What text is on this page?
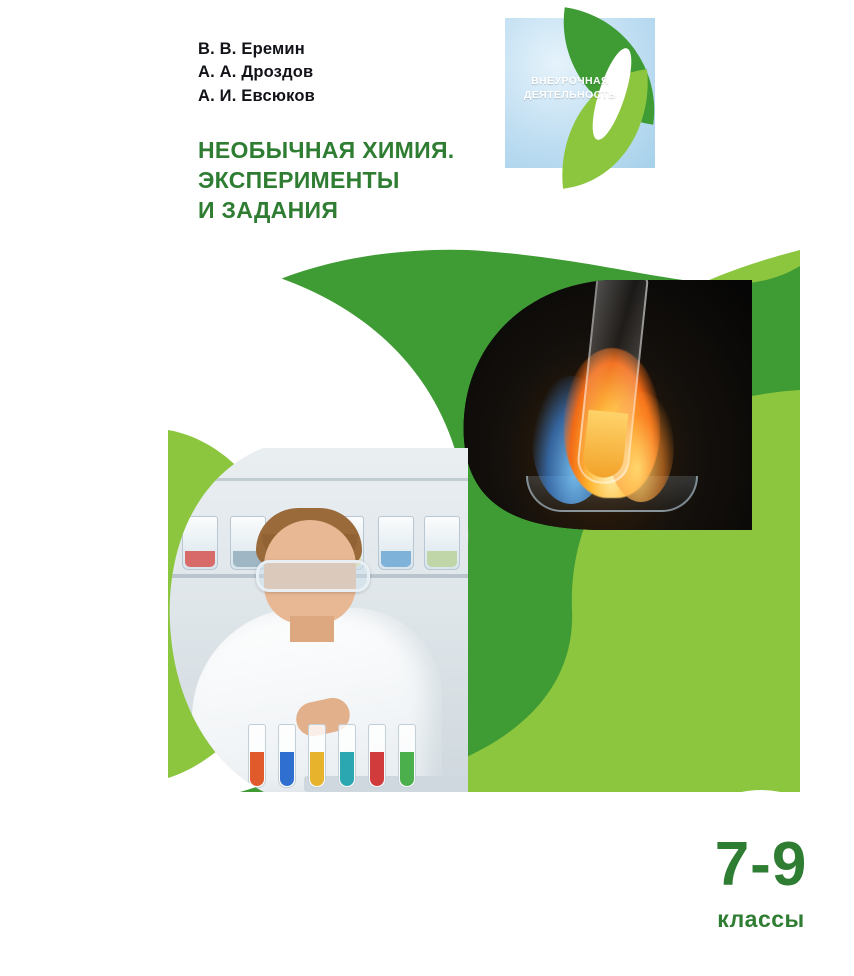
В. В. Еремин
А. А. Дроздов
А. И. Евсюков
НЕОБЫЧНАЯ ХИМИЯ.
ЭКСПЕРИМЕНТЫ
И ЗАДАНИЯ
ВНЕУРОЧНАЯ
ДЕЯТЕЛЬНОСТЬ
7-9
классы
